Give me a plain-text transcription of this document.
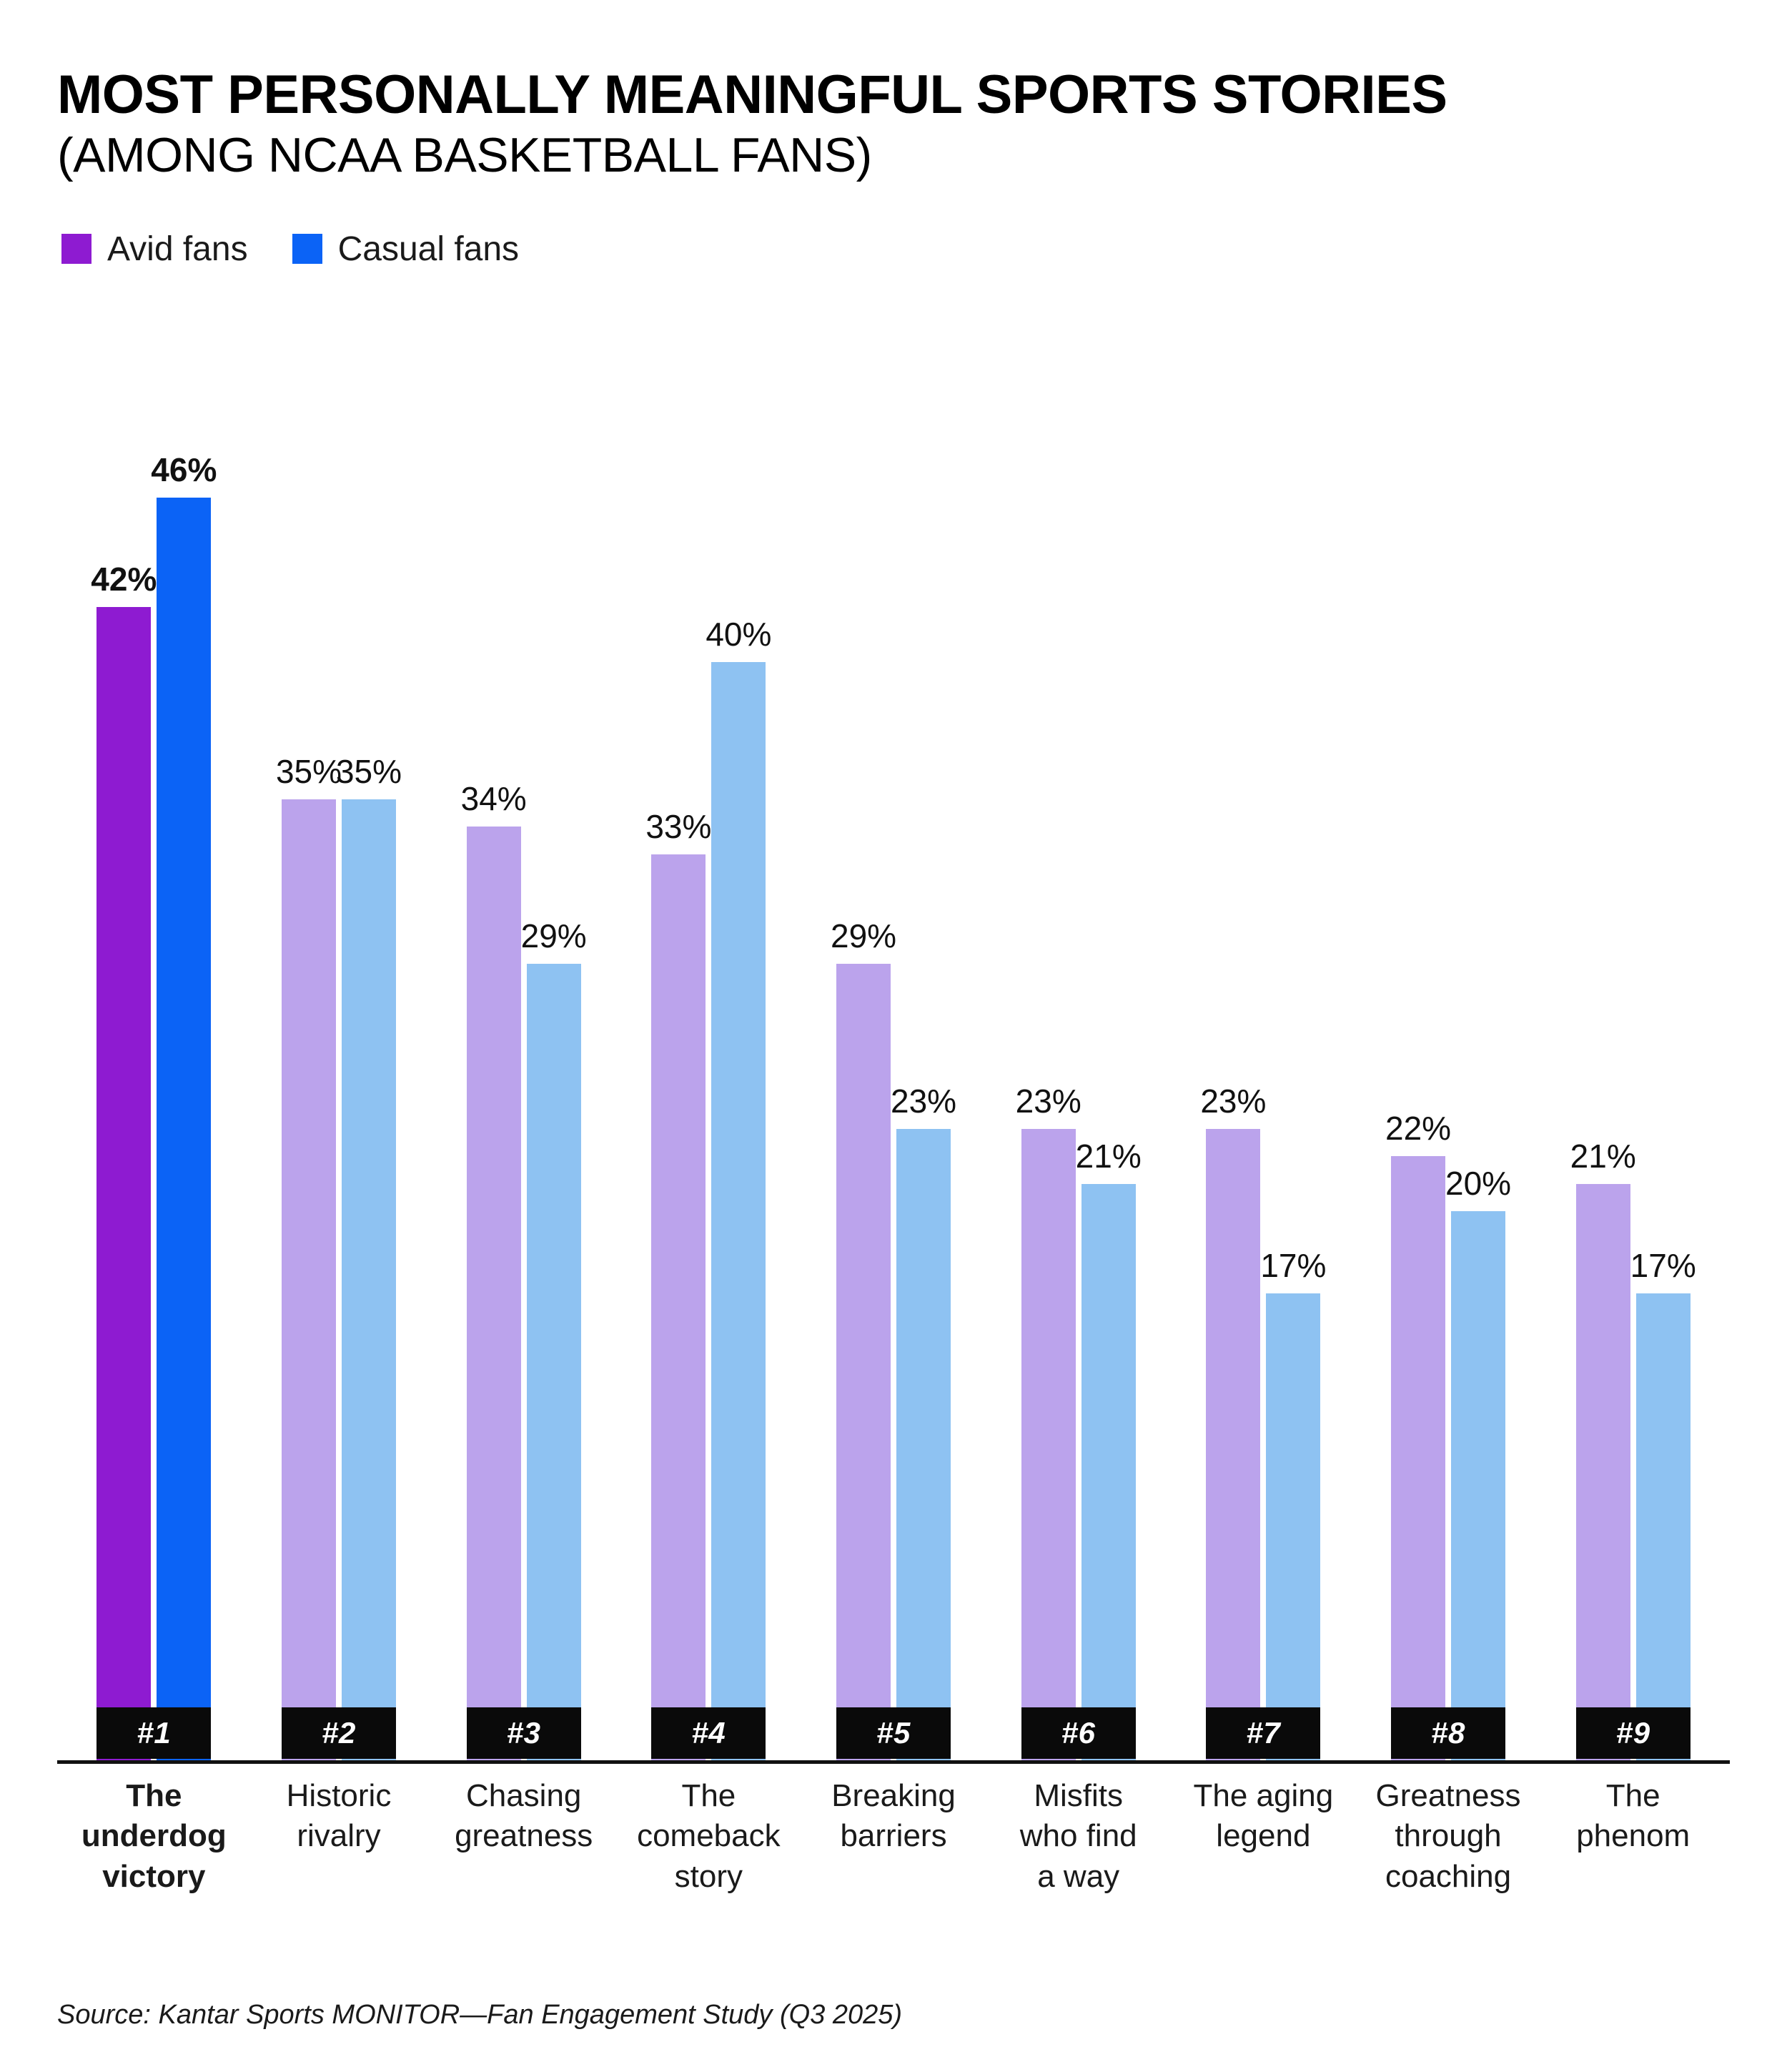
MOST PERSONALLY MEANINGFUL SPORTS STORIES
(AMONG NCAA BASKETBALL FANS)
Avid fans	Casual fans
42%
46%
35%
35%
34%
29%
33%
40%
29%
23% 23%
21%
23%
17%
22%
20%
21%
17%
#1	#2	#3	#4	#5	#6	#7	#8	#9
The
underdog
victory
Historic
rivalry
Chasing
greatness
The
comeback
story
Breaking
barriers
Misfits
who find
a way
The aging
legend
Greatness
through
coaching
The
phenom
Source: Kantar Sports MONITOR—Fan Engagement Study (Q3 2025)
